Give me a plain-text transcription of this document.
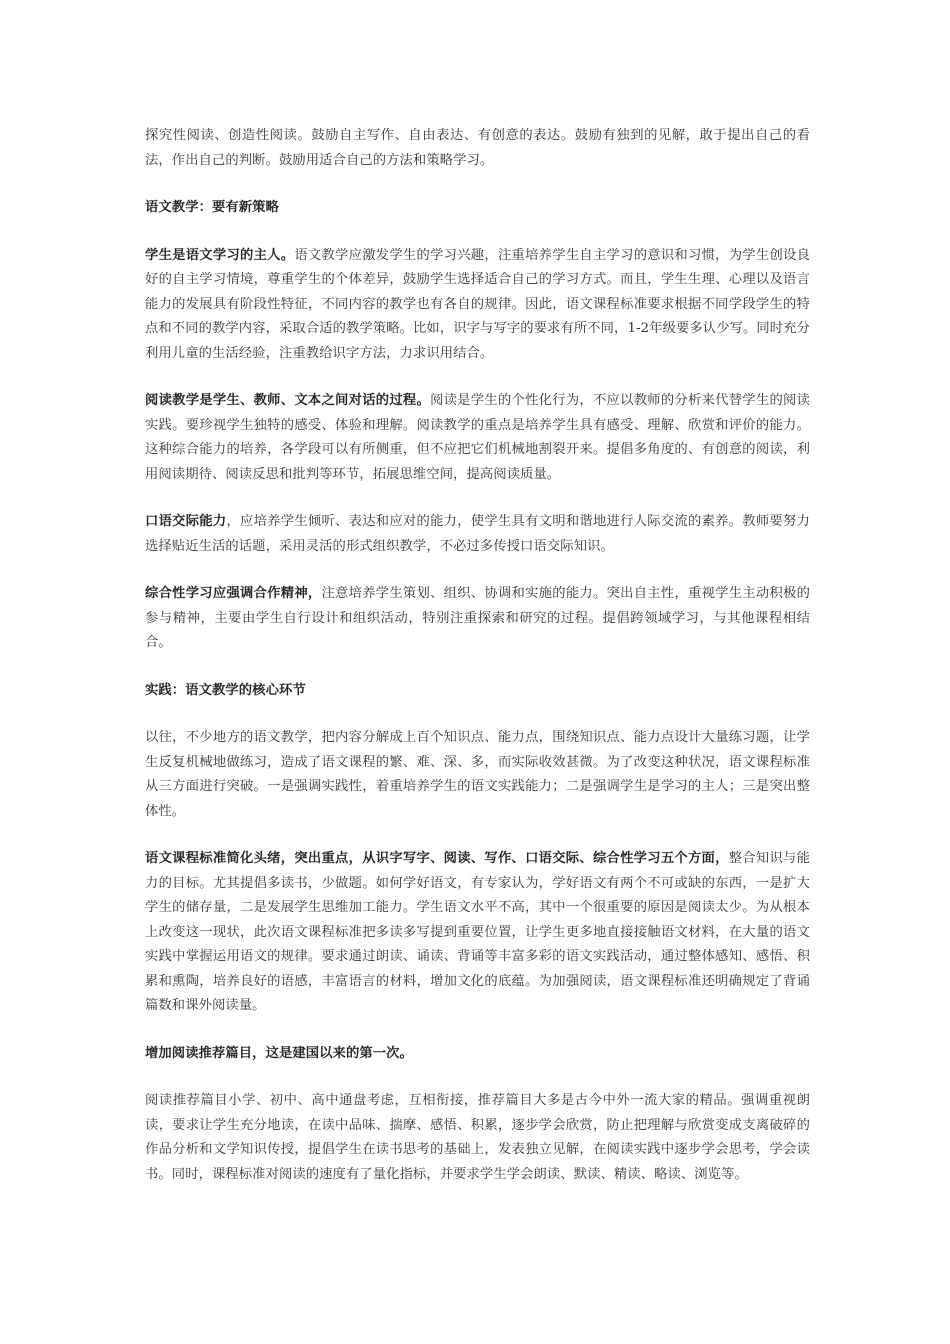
探究性阅读、创造性阅读。鼓励自主写作、自由表达、有创意的表达。鼓励有独到的见解，敢于提出自己的看法，作出自己的判断。鼓励用适合自己的方法和策略学习。

语文教学：要有新策略

学生是语文学习的主人。语文教学应激发学生的学习兴趣，注重培养学生自主学习的意识和习惯，为学生创设良好的自主学习情境，尊重学生的个体差异，鼓励学生选择适合自己的学习方式。而且，学生生理、心理以及语言能力的发展具有阶段性特征，不同内容的教学也有各自的规律。因此，语文课程标准要求根据不同学段学生的特点和不同的教学内容，采取合适的教学策略。比如，识字与写字的要求有所不同，1-2年级要多认少写。同时充分利用儿童的生活经验，注重教给识字方法，力求识用结合。

阅读教学是学生、教师、文本之间对话的过程。阅读是学生的个性化行为，不应以教师的分析来代替学生的阅读实践。要珍视学生独特的感受、体验和理解。阅读教学的重点是培养学生具有感受、理解、欣赏和评价的能力。这种综合能力的培养，各学段可以有所侧重，但不应把它们机械地割裂开来。提倡多角度的、有创意的阅读，利用阅读期待、阅读反思和批判等环节，拓展思维空间，提高阅读质量。

口语交际能力，应培养学生倾听、表达和应对的能力，使学生具有文明和谐地进行人际交流的素养。教师要努力选择贴近生活的话题，采用灵活的形式组织教学，不必过多传授口语交际知识。

综合性学习应强调合作精神，注意培养学生策划、组织、协调和实施的能力。突出自主性，重视学生主动积极的参与精神，主要由学生自行设计和组织活动，特别注重探索和研究的过程。提倡跨领域学习，与其他课程相结合。

实践：语文教学的核心环节

以往，不少地方的语文教学，把内容分解成上百个知识点、能力点，围绕知识点、能力点设计大量练习题，让学生反复机械地做练习，造成了语文课程的繁、难、深、多，而实际收效甚微。为了改变这种状况，语文课程标准从三方面进行突破。一是强调实践性，着重培养学生的语文实践能力；二是强调学生是学习的主人；三是突出整体性。

语文课程标准简化头绪，突出重点，从识字写字、阅读、写作、口语交际、综合性学习五个方面，整合知识与能力的目标。尤其提倡多读书，少做题。如何学好语文，有专家认为，学好语文有两个不可或缺的东西，一是扩大学生的储存量，二是发展学生思维加工能力。学生语文水平不高，其中一个很重要的原因是阅读太少。为从根本上改变这一现状，此次语文课程标准把多读多写提到重要位置，让学生更多地直接接触语文材料，在大量的语文实践中掌握运用语文的规律。要求通过朗读、诵读、背诵等丰富多彩的语文实践活动，通过整体感知、感悟、积累和熏陶，培养良好的语感，丰富语言的材料，增加文化的底蕴。为加强阅读，语文课程标准还明确规定了背诵篇数和课外阅读量。

增加阅读推荐篇目，这是建国以来的第一次。

阅读推荐篇目小学、初中、高中通盘考虑，互相衔接，推荐篇目大多是古今中外一流大家的精品。强调重视朗读，要求让学生充分地读，在读中品味、揣摩、感悟、积累，逐步学会欣赏，防止把理解与欣赏变成支离破碎的作品分析和文学知识传授，提倡学生在读书思考的基础上，发表独立见解，在阅读实践中逐步学会思考，学会读书。同时，课程标准对阅读的速度有了量化指标，并要求学生学会朗读、默读、精读、略读、浏览等。
